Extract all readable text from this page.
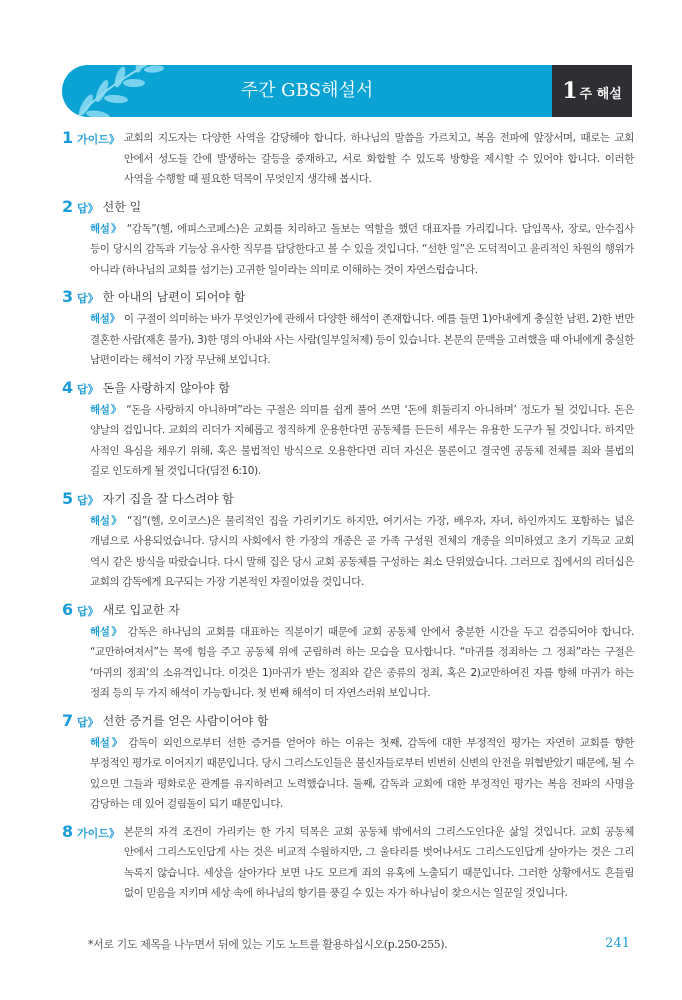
주간 GBS해설서	1 주 해설
1 가이드》 교회의 지도자는 다양한 사역을 감당해야 합니다. 하나님의 말씀을 가르치고, 복음 전파에 앞장서며, 때로는 교회 안에서 성도들 간에 발생하는 갈등을 중재하고, 서로 화합할 수 있도록 방향을 제시할 수 있어야 합니다. 이러한 사역을 수행할 때 필요한 덕목이 무엇인지 생각해 봅시다.
2 답》 선한 일
해설》 “감독”(헬, 에피스코페스)은 교회를 치리하고 돌보는 역할을 했던 대표자를 가리킵니다. 담임목사, 장로, 안수집사 등이 당시의 감독과 기능상 유사한 직무를 담당한다고 볼 수 있을 것입니다. “선한 일”은 도덕적이고 윤리적인 차원의 행위가 아니라 (하나님의 교회를 섬기는) 고귀한 일이라는 의미로 이해하는 것이 자연스럽습니다.
3 답》 한 아내의 남편이 되어야 함
해설》 이 구절이 의미하는 바가 무엇인가에 관해서 다양한 해석이 존재합니다. 예를 들면 1)아내에게 충실한 남편, 2)한 번만 결혼한 사람(재혼 불가), 3)한 명의 아내와 사는 사람(일부일처제) 등이 있습니다. 본문의 문맥을 고려했을 때 아내에게 충실한 남편이라는 해석이 가장 무난해 보입니다.
4 답》 돈을 사랑하지 않아야 함
해설》 “돈을 사랑하지 아니하며”라는 구절은 의미를 쉽게 풀어 쓰면 ‘돈에 휘둘리지 아니하며’ 정도가 될 것입니다. 돈은 양날의 검입니다. 교회의 리더가 지혜롭고 정직하게 운용한다면 공동체를 든든히 세우는 유용한 도구가 될 것입니다. 하지만 사적인 욕심을 채우기 위해, 혹은 불법적인 방식으로 오용한다면 리더 자신은 물론이고 결국엔 공동체 전체를 죄와 불법의 길로 인도하게 될 것입니다(딤전 6:10).
5 답》 자기 집을 잘 다스려야 함
해설》 “집”(헬, 오이코스)은 물리적인 집을 가리키기도 하지만, 여기서는 가장, 배우자, 자녀, 하인까지도 포함하는 넓은 개념으로 사용되었습니다. 당시의 사회에서 한 가장의 개종은 곧 가족 구성원 전체의 개종을 의미하였고 초기 기독교 교회 역시 같은 방식을 따랐습니다. 다시 말해 집은 당시 교회 공동체를 구성하는 최소 단위였습니다. 그러므로 집에서의 리더십은 교회의 감독에게 요구되는 가장 기본적인 자질이었을 것입니다.
6 답》 새로 입교한 자
해설》 감독은 하나님의 교회를 대표하는 직분이기 때문에 교회 공동체 안에서 충분한 시간을 두고 검증되어야 합니다. “교만하여져서”는 목에 힘을 주고 공동체 위에 군림하려 하는 모습을 묘사합니다. “마귀를 정죄하는 그 정죄”라는 구절은 ‘마귀의 정죄’의 소유격입니다. 이것은 1)마귀가 받는 정죄와 같은 종류의 정죄, 혹은 2)교만하여진 자를 향해 마귀가 하는 정죄 등의 두 가지 해석이 가능합니다. 첫 번째 해석이 더 자연스러워 보입니다.
7 답》 선한 증거를 얻은 사람이어야 함
해설》 감독이 외인으로부터 선한 증거를 얻어야 하는 이유는 첫째, 감독에 대한 부정적인 평가는 자연히 교회를 향한 부정적인 평가로 이어지기 때문입니다. 당시 그리스도인들은 불신자들로부터 빈번히 신변의 안전을 위협받았기 때문에, 될 수 있으면 그들과 평화로운 관계를 유지하려고 노력했습니다. 둘째, 감독과 교회에 대한 부정적인 평가는 복음 전파의 사명을 감당하는 데 있어 걸림돌이 되기 때문입니다.
8 가이드》 본문의 자격 조건이 가리키는 한 가지 덕목은 교회 공동체 밖에서의 그리스도인다운 삶일 것입니다. 교회 공동체 안에서 그리스도인답게 사는 것은 비교적 수월하지만, 그 울타리를 벗어나서도 그리스도인답게 살아가는 것은 그리 녹록지 않습니다. 세상을 살아가다 보면 나도 모르게 죄의 유혹에 노출되기 때문입니다. 그러한 상황에서도 흔들림 없이 믿음을 지키며 세상 속에 하나님의 향기를 풍길 수 있는 자가 하나님이 찾으시는 일꾼일 것입니다.
*서로 기도 제목을 나누면서 뒤에 있는 기도 노트를 활용하십시오(p.250-255).	241
